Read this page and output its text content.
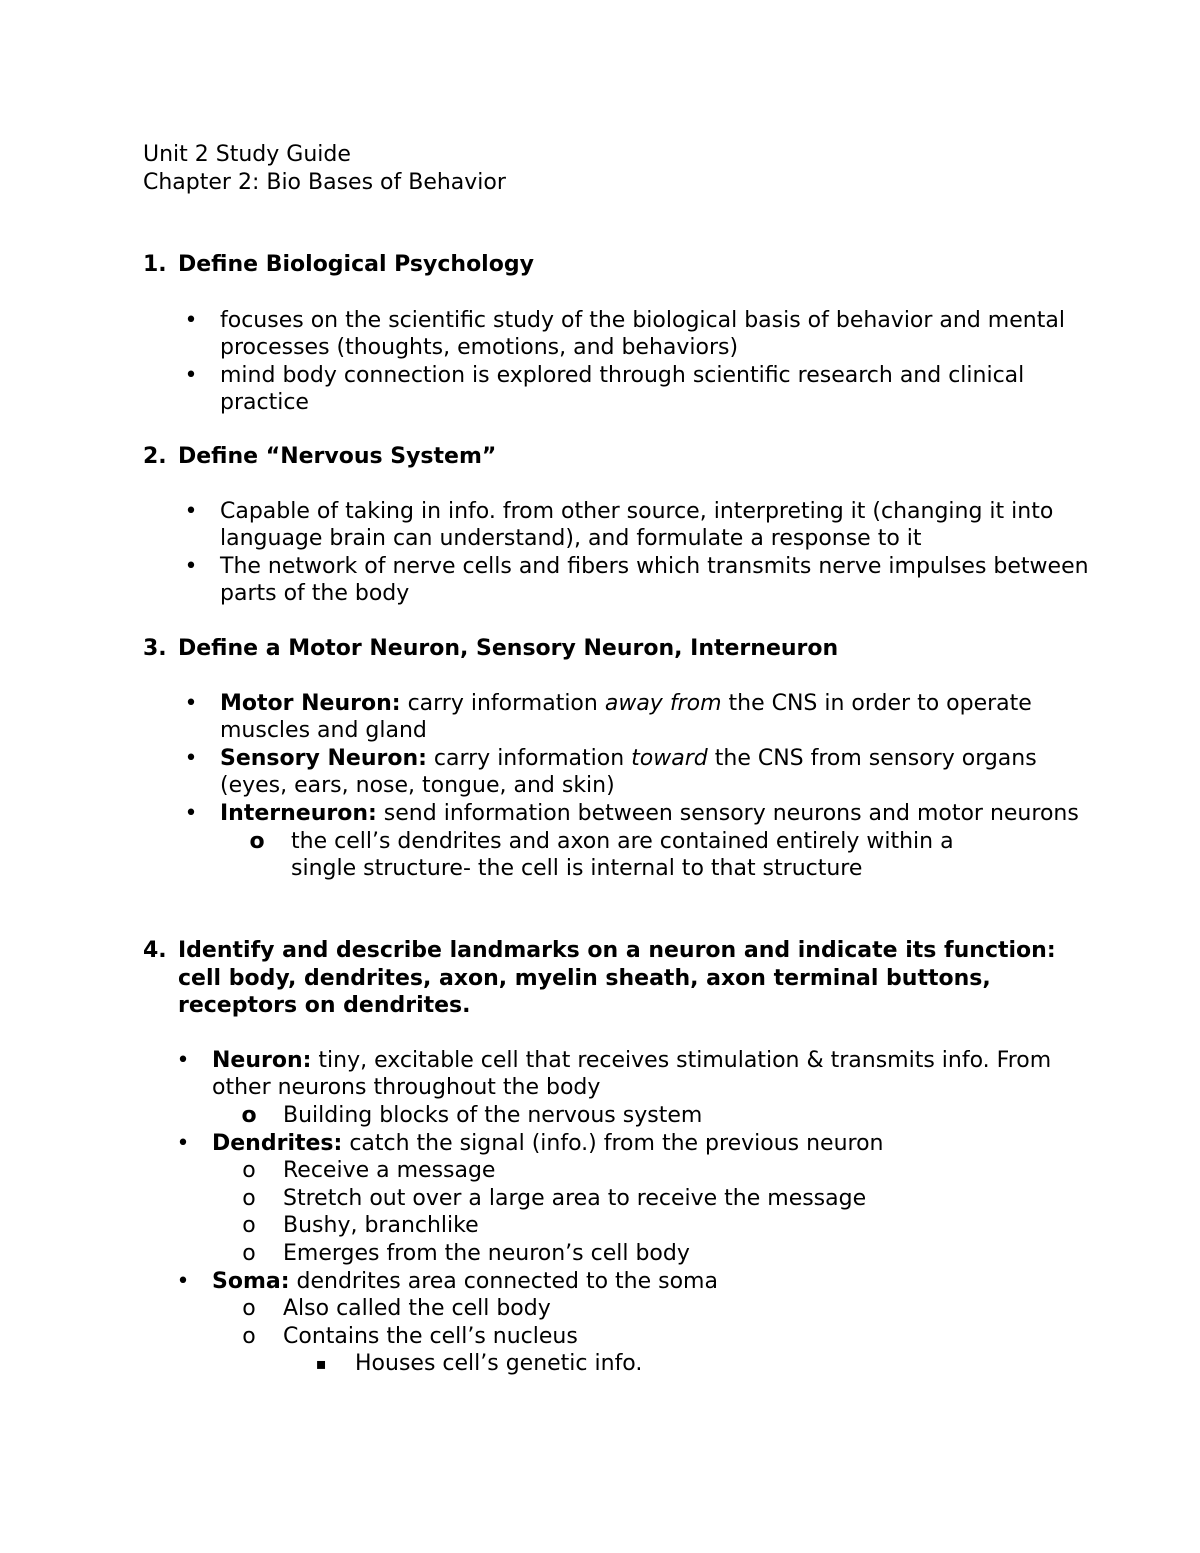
Unit 2 Study Guide
Chapter 2: Bio Bases of Behavior
1. Define Biological Psychology
•	focuses on the scientific study of the biological basis of behavior and mental processes (thoughts, emotions, and behaviors)
•	mind body connection is explored through scientific research and clinical practice
2. Define “Nervous System”
•	Capable of taking in info. from other source, interpreting it (changing it into language brain can understand), and formulate a response to it
•	The network of nerve cells and fibers which transmits nerve impulses between parts of the body
3. Define a Motor Neuron, Sensory Neuron, Interneuron
•	Motor Neuron: carry information away from the CNS in order to operate muscles and gland
•	Sensory Neuron: carry information toward the CNS from sensory organs (eyes, ears, nose, tongue, and skin)
•	Interneuron: send information between sensory neurons and motor neurons
o the cell’s dendrites and axon are contained entirely within a single structure- the cell is internal to that structure
4. Identify and describe landmarks on a neuron and indicate its function: cell body, dendrites, axon, myelin sheath, axon terminal buttons, receptors on dendrites.
•	Neuron: tiny, excitable cell that receives stimulation & transmits info. From other neurons throughout the body
o Building blocks of the nervous system
•	Dendrites: catch the signal (info.) from the previous neuron
o Receive a message
o Stretch out over a large area to receive the message
o Bushy, branchlike
o Emerges from the neuron’s cell body
•	Soma: dendrites area connected to the soma
o Also called the cell body
o Contains the cell’s nucleus
▪ Houses cell’s genetic info.
